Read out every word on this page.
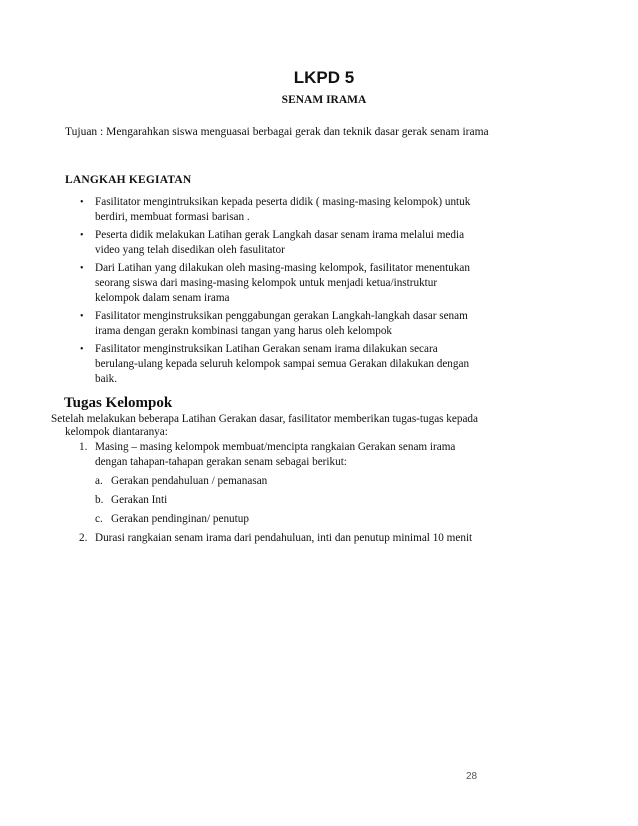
LKPD 5
SENAM IRAMA

Tujuan : Mengarahkan siswa menguasai berbagai gerak dan teknik dasar gerak senam irama

LANGKAH KEGIATAN
• Fasilitator mengintruksikan kepada peserta didik ( masing-masing kelompok) untuk berdiri, membuat formasi barisan .
• Peserta didik melakukan Latihan gerak Langkah dasar senam irama melalui media video yang telah disedikan oleh fasulitator
• Dari Latihan yang dilakukan oleh masing-masing kelompok, fasilitator menentukan seorang siswa dari masing-masing kelompok untuk menjadi ketua/instruktur kelompok dalam senam irama
• Fasilitator menginstruksikan penggabungan gerakan Langkah-langkah dasar senam irama dengan gerakn kombinasi tangan yang harus oleh kelompok
• Fasilitator menginstruksikan Latihan Gerakan senam irama dilakukan secara berulang-ulang kepada seluruh kelompok sampai semua Gerakan dilakukan dengan baik.
Tugas Kelompok

Setelah melakukan beberapa Latihan Gerakan dasar, fasilitator memberikan tugas-tugas kepada
kelompok diantaranya:

1. Masing – masing kelompok membuat/mencipta rangkaian Gerakan senam irama dengan tahapan-tahapan gerakan senam sebagai berikut:
a. Gerakan pendahuluan / pemanasan
b. Gerakan Inti
c. Gerakan pendinginan/ penutup
2. Durasi rangkaian senam irama dari pendahuluan, inti dan penutup minimal 10 menit
28
